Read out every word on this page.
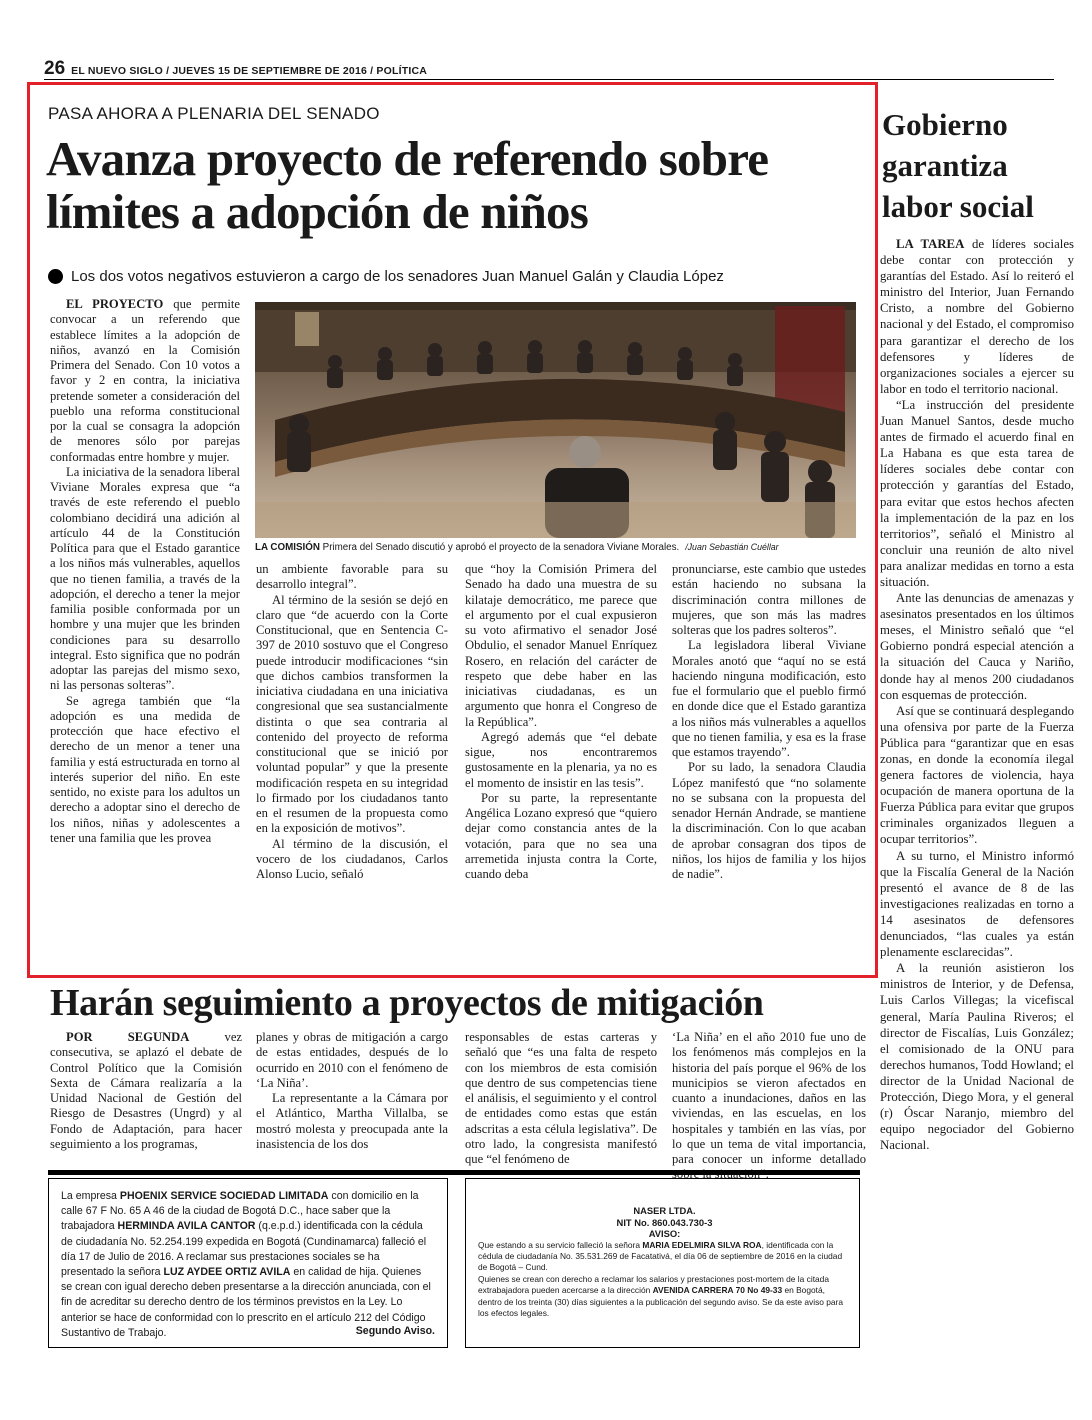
26 EL NUEVO SIGLO / JUEVES 15 DE SEPTIEMBRE DE 2016 / POLÍTICA
PASA AHORA A PLENARIA DEL SENADO
Avanza proyecto de referendo sobre límites a adopción de niños
Los dos votos negativos estuvieron a cargo de los senadores Juan Manuel Galán y Claudia López

EL PROYECTO que permite convocar a un referendo que establece límites a la adopción de niños, avanzó en la Comisión Primera del Senado. Con 10 votos a favor y 2 en contra, la iniciativa pretende someter a consideración del pueblo una reforma constitucional por la cual se consagra la adopción de menores sólo por parejas conformadas entre hombre y mujer.

La iniciativa de la senadora liberal Viviane Morales expresa que “a través de este referendo el pueblo colombiano decidirá una adición al artículo 44 de la Constitución Política para que el Estado garantice a los niños más vulnerables, aquellos que no tienen familia, a través de la adopción, el derecho a tener la mejor familia posible conformada por un hombre y una mujer que les brinden condiciones para su desarrollo integral. Esto significa que no podrán adoptar las parejas del mismo sexo, ni las personas solteras”.

Se agrega también que “la adopción es una medida de protección que hace efectivo el derecho de un menor a tener una familia y está estructurada en torno al interés superior del niño. En este sentido, no existe para los adultos un derecho a adoptar sino el derecho de los niños, niñas y adolescentes a tener una familia que les provea

LA COMISIÓN Primera del Senado discutió y aprobó el proyecto de la senadora Viviane Morales. /Juan Sebastián Cuéllar

un ambiente favorable para su desarrollo integral”.

Al término de la sesión se dejó en claro que “de acuerdo con la Corte Constitucional, que en Sentencia C-397 de 2010 sostuvo que el Congreso puede introducir modificaciones “sin que dichos cambios transformen la iniciativa ciudadana en una iniciativa congresional que sea sustancialmente distinta o que sea contraria al contenido del proyecto de reforma constitucional que se inició por voluntad popular” y que la presente modificación respeta en su integridad lo firmado por los ciudadanos tanto en el resumen de la propuesta como en la exposición de motivos”.

Al término de la discusión, el vocero de los ciudadanos, Carlos Alonso Lucio, señaló

que “hoy la Comisión Primera del Senado ha dado una muestra de su kilataje democrático, me parece que el argumento por el cual expusieron su voto afirmativo el senador José Obdulio, el senador Manuel Enríquez Rosero, en relación del carácter de respeto que debe haber en las iniciativas ciudadanas, es un argumento que honra el Congreso de la República”.

Agregó además que “el debate sigue, nos encontraremos gustosamente en la plenaria, ya no es el momento de insistir en las tesis”.

Por su parte, la representante Angélica Lozano expresó que “quiero dejar como constancia antes de la votación, para que no sea una arremetida injusta contra la Corte, cuando deba

pronunciarse, este cambio que ustedes están haciendo no subsana la discriminación contra millones de mujeres, que son más las madres solteras que los padres solteros”.

La legisladora liberal Viviane Morales anotó que “aquí no se está haciendo ninguna modificación, esto fue el formulario que el pueblo firmó en donde dice que el Estado garantiza a los niños más vulnerables a aquellos que no tienen familia, y esa es la frase que estamos trayendo”.

Por su lado, la senadora Claudia López manifestó que “no solamente no se subsana con la propuesta del senador Hernán Andrade, se mantiene la discriminación. Con lo que acaban de aprobar consagran dos tipos de niños, los hijos de familia y los hijos de nadie”.

Gobierno garantiza labor social

LA TAREA de líderes sociales debe contar con protección y garantías del Estado. Así lo reiteró el ministro del Interior, Juan Fernando Cristo, a nombre del Gobierno nacional y del Estado, el compromiso para garantizar el derecho de los defensores y líderes de organizaciones sociales a ejercer su labor en todo el territorio nacional.

“La instrucción del presidente Juan Manuel Santos, desde mucho antes de firmado el acuerdo final en La Habana es que esta tarea de líderes sociales debe contar con protección y garantías del Estado, para evitar que estos hechos afecten la implementación de la paz en los territorios”, señaló el Ministro al concluir una reunión de alto nivel para analizar medidas en torno a esta situación.

Ante las denuncias de amenazas y asesinatos presentados en los últimos meses, el Ministro señaló que “el Gobierno pondrá especial atención a la situación del Cauca y Nariño, donde hay al menos 200 ciudadanos con esquemas de protección.

Así que se continuará desplegando una ofensiva por parte de la Fuerza Pública para “garantizar que en esas zonas, en donde la economía ilegal genera factores de violencia, haya ocupación de manera oportuna de la Fuerza Pública para evitar que grupos criminales organizados lleguen a ocupar territorios”.

A su turno, el Ministro informó que la Fiscalía General de la Nación presentó el avance de 8 de las investigaciones realizadas en torno a 14 asesinatos de defensores denunciados, “las cuales ya están plenamente esclarecidas”.

A la reunión asistieron los ministros de Interior, y de Defensa, Luis Carlos Villegas; la vicefiscal general, María Paulina Riveros; el director de Fiscalías, Luis González; el comisionado de la ONU para derechos humanos, Todd Howland; el director de la Unidad Nacional de Protección, Diego Mora, y el general (r) Óscar Naranjo, miembro del equipo negociador del Gobierno Nacional.

Harán seguimiento a proyectos de mitigación

POR SEGUNDA vez consecutiva, se aplazó el debate de Control Político que la Comisión Sexta de Cámara realizaría a la Unidad Nacional de Gestión del Riesgo de Desastres (Ungrd) y al Fondo de Adaptación, para hacer seguimiento a los programas,

planes y obras de mitigación a cargo de estas entidades, después de lo ocurrido en 2010 con el fenómeno de ‘La Niña’.

La representante a la Cámara por el Atlántico, Martha Villalba, se mostró molesta y preocupada ante la inasistencia de los dos

responsables de estas carteras y señaló que “es una falta de respeto con los miembros de esta comisión que dentro de sus competencias tiene el análisis, el seguimiento y el control de entidades como estas que están adscritas a esta célula legislativa”. De otro lado, la congresista manifestó que “el fenómeno de

‘La Niña’ en el año 2010 fue uno de los fenómenos más complejos en la historia del país porque el 96% de los municipios se vieron afectados en cuanto a inundaciones, daños en las viviendas, en las escuelas, en los hospitales y también en las vías, por lo que un tema de vital importancia, para conocer un informe detallado

La empresa PHOENIX SERVICE SOCIEDAD LIMITADA con domicilio en la calle 67 F No. 65 A 46 de la ciudad de Bogotá D.C., hace saber que la trabajadora HERMINDA AVILA CANTOR (q.e.p.d.) identificada con la cédula de ciudadanía No. 52.254.199 expedida en Bogotá (Cundinamarca) falleció el día 17 de Julio de 2016. A reclamar sus prestaciones sociales se ha presentado la señora LUZ AYDEE ORTIZ AVILA en calidad de hija. Quienes se crean con igual derecho deben presentarse a la dirección anunciada, con el fin de acreditar su derecho dentro de los términos previstos en la Ley. Lo anterior se hace de conformidad con lo prescrito en el artículo 212 del Código Sustantivo de Trabajo.	Segundo Aviso.
NASER LTDA.
NIT No. 860.043.730-3
AVISO:
Que estando a su servicio falleció la señora MARIA EDELMIRA SILVA ROA, identificada con la cédula de ciudadanía No. 35.531.269 de Facatativá, el día 06 de septiembre de 2016 en la ciudad de Bogotá – Cund.
Quienes se crean con derecho a reclamar los salarios y prestaciones post-mortem de la citada extrabajadora pueden acercarse a la dirección AVENIDA CARRERA 70 No 49-33 en Bogotá, dentro de los treinta (30) días siguientes a la publicación del segundo aviso. Se da este aviso para los efectos legales.
